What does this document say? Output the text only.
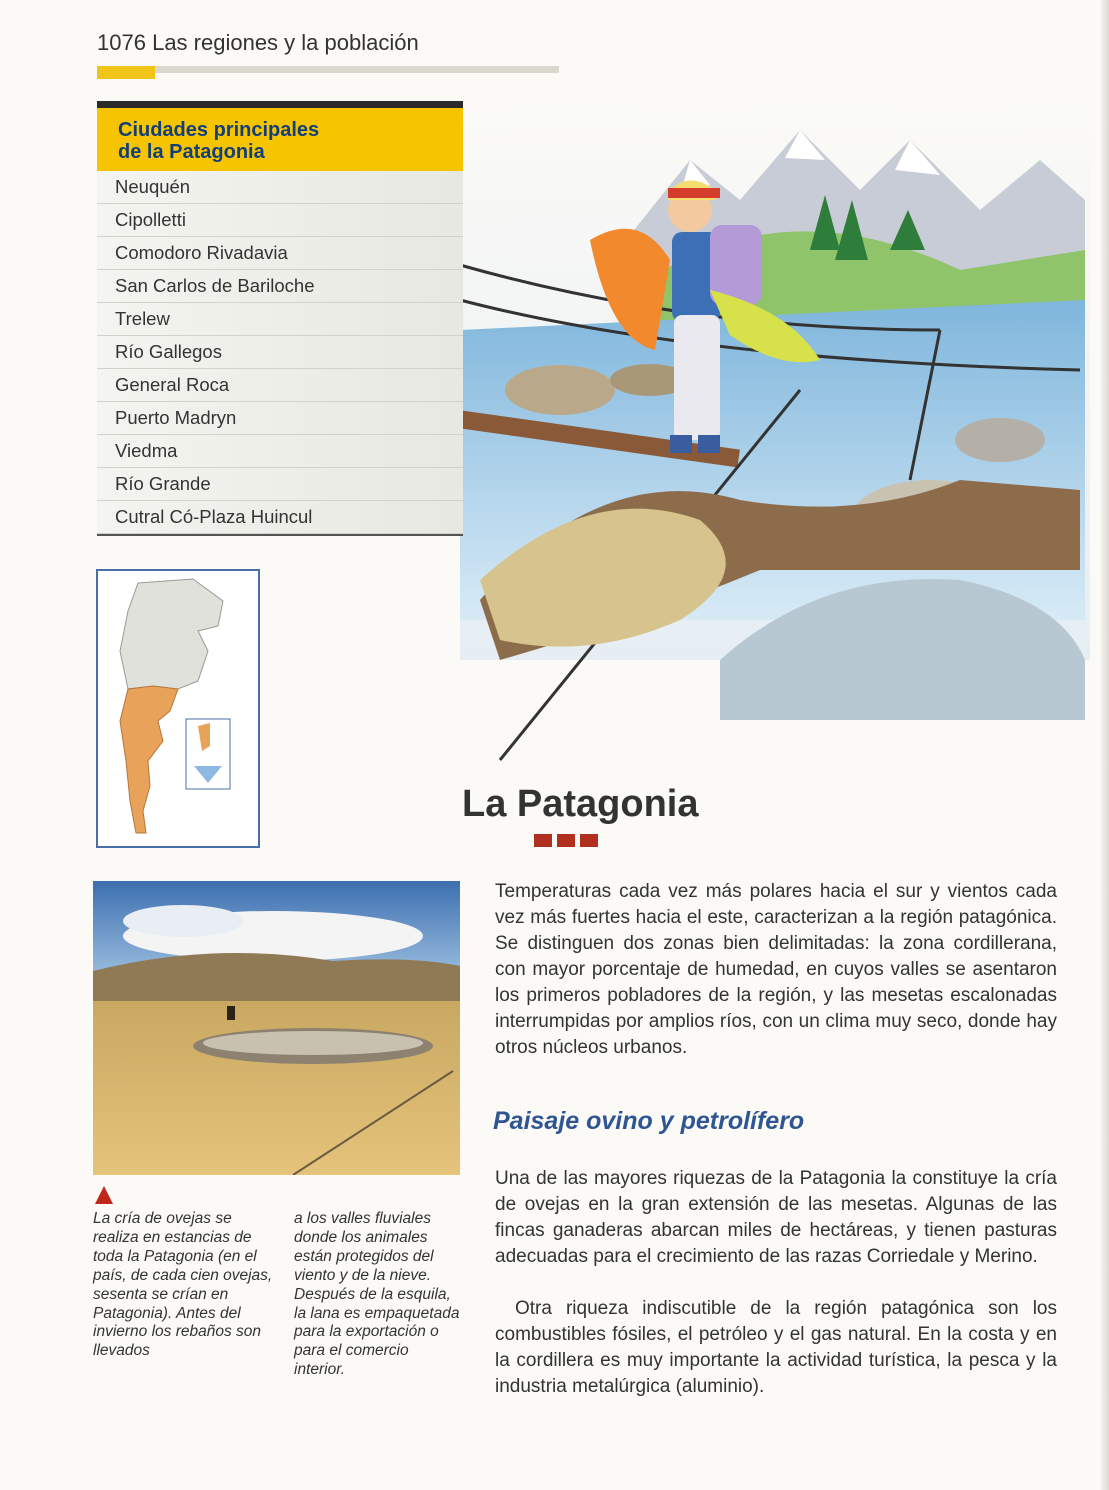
1076 Las regiones y la población
Ciudades principales
de la Patagonia
Neuquén
Cipolletti
Comodoro Rivadavia
San Carlos de Bariloche
Trelew
Río Gallegos
General Roca
Puerto Madryn
Viedma
Río Grande
Cutral Có-Plaza Huincul
La Patagonia
La cría de ovejas se realiza en estancias de toda la Patagonia (en el país, de cada cien ovejas, sesenta se crían en Patagonia). Antes del invierno los rebaños son llevados
a los valles fluviales donde los animales están protegidos del viento y de la nieve. Después de la esquila, la lana es empaquetada para la exportación o para el comercio interior.

Temperaturas cada vez más polares hacia el sur y vientos cada vez más fuertes hacia el este, caracterizan a la región patagónica. Se distinguen dos zonas bien delimitadas: la zona cordillerana, con mayor porcentaje de humedad, en cuyos valles se asentaron los primeros pobladores de la región, y las mesetas escalonadas interrumpidas por amplios ríos, con un clima muy seco, donde hay otros núcleos urbanos.

Paisaje ovino y petrolífero

Una de las mayores riquezas de la Patagonia la constituye la cría de ovejas en la gran extensión de las mesetas. Algunas de las fincas ganaderas abarcan miles de hectáreas, y tienen pasturas adecuadas para el crecimiento de las razas Corriedale y Merino.

Otra riqueza indiscutible de la región patagónica son los combustibles fósiles, el petróleo y el gas natural. En la costa y en la cordillera es muy importante la actividad turística, la pesca y la industria metalúrgica (aluminio).
